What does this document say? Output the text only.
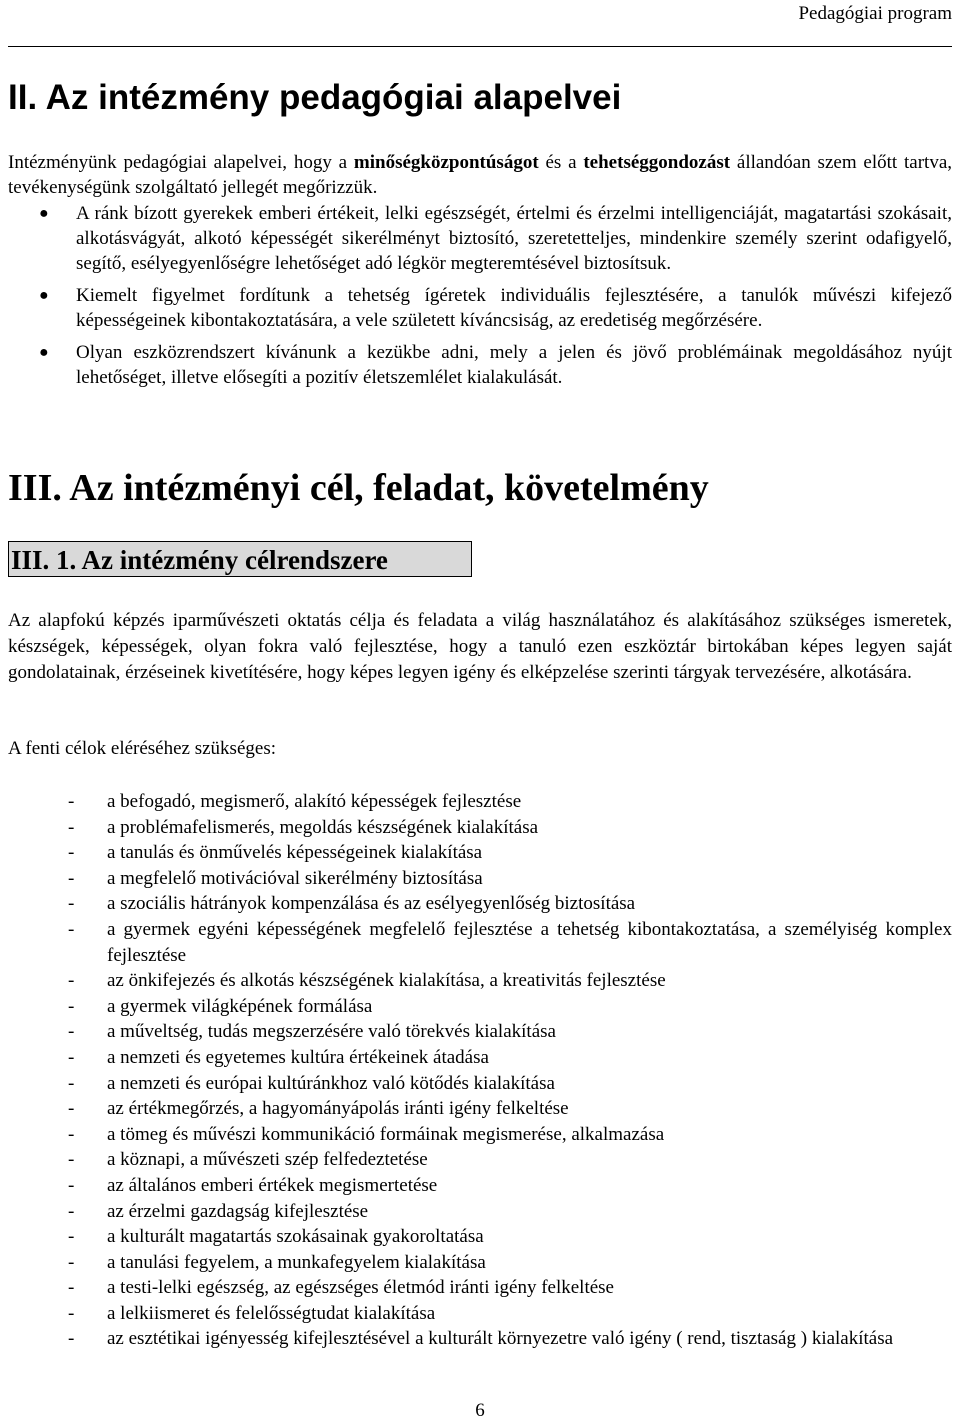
Pedagógiai program
II. Az intézmény pedagógiai alapelvei

Intézményünk pedagógiai alapelvei, hogy a minőségközpontúságot és a tehetséggondozást állandóan szem előtt tartva, tevékenységünk szolgáltató jellegét megőrizzük.

● A ránk bízott gyerekek emberi értékeit, lelki egészségét, értelmi és érzelmi intelligenciáját, magatartási szokásait, alkotásvágyát, alkotó képességét sikerélményt biztosító, szeretetteljes, mindenkire személy szerint odafigyelő, segítő, esélyegyenlőségre lehetőséget adó légkör megteremtésével biztosítsuk.
● Kiemelt figyelmet fordítunk a tehetség ígéretek individuális fejlesztésére, a tanulók művészi kifejező képességeinek kibontakoztatására, a vele született kíváncsiság, az eredetiség megőrzésére.
● Olyan eszközrendszert kívánunk a kezükbe adni, mely a jelen és jövő problémáinak megoldásához nyújt lehetőséget, illetve elősegíti a pozitív életszemlélet kialakulását.
III. Az intézményi cél, feladat, követelmény
III. 1. Az intézmény célrendszere

Az alapfokú képzés iparművészeti oktatás célja és feladata a világ használatához és alakításához szükséges ismeretek, készségek, képességek, olyan fokra való fejlesztése, hogy a tanuló ezen eszköztár birtokában képes legyen saját gondolatainak, érzéseinek kivetítésére, hogy képes legyen igény és elképzelése szerinti tárgyak tervezésére, alkotására.

A fenti célok eléréséhez szükséges:

- a befogadó, megismerő, alakító képességek fejlesztése
- a problémafelismerés, megoldás készségének kialakítása
- a tanulás és önművelés képességeinek kialakítása
- a megfelelő motivációval sikerélmény biztosítása
- a szociális hátrányok kompenzálása és az esélyegyenlőség biztosítása
- a gyermek egyéni képességének megfelelő fejlesztése a tehetség kibontakoztatása, a személyiség komplex fejlesztése
- az önkifejezés és alkotás készségének kialakítása, a kreativitás fejlesztése
- a gyermek világképének formálása
- a műveltség, tudás megszerzésére való törekvés kialakítása
- a nemzeti és egyetemes kultúra értékeinek átadása
- a nemzeti és európai kultúránkhoz való kötődés kialakítása
- az értékmegőrzés, a hagyományápolás iránti igény felkeltése
- a tömeg és művészi kommunikáció formáinak megismerése, alkalmazása
- a köznapi, a művészeti szép felfedeztetése
- az általános emberi értékek megismertetése
- az érzelmi gazdagság kifejlesztése
- a kulturált magatartás szokásainak gyakoroltatása
- a tanulási fegyelem, a munkafegyelem kialakítása
- a testi-lelki egészség, az egészséges életmód iránti igény felkeltése
- a lelkiismeret és felelősségtudat kialakítása
- az esztétikai igényesség kifejlesztésével a kulturált környezetre való igény ( rend, tisztaság ) kialakítása
6
